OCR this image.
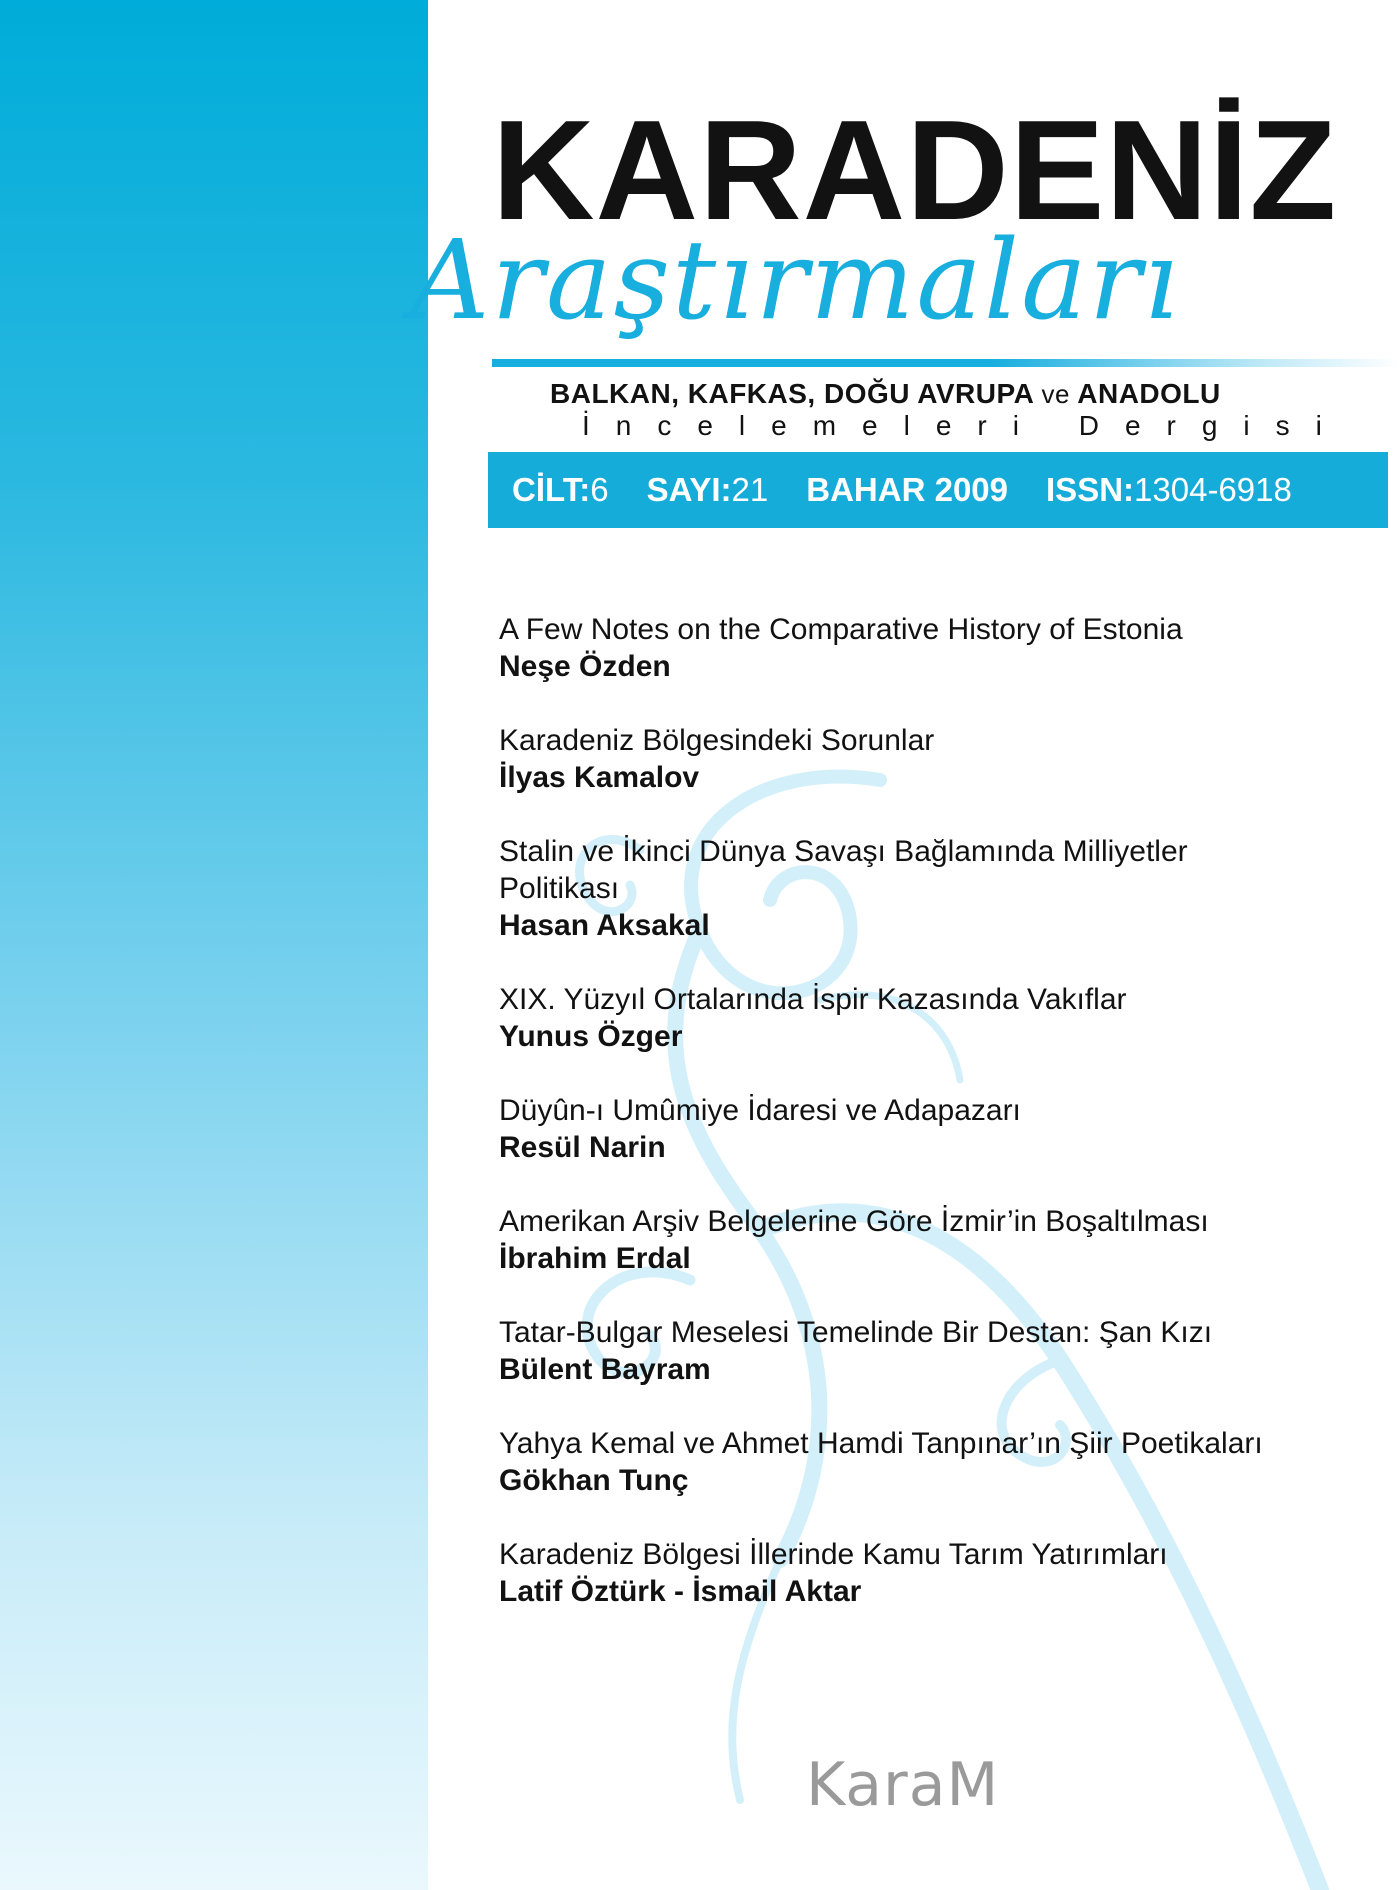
KARADENİZ
Araştırmaları
BALKAN, KAFKAS, DOĞU AVRUPA ve ANADOLU
İncelemeleri Dergisi
CİLT:6 SAYI:21 BAHAR 2009 ISSN:1304-6918
A Few Notes on the Comparative History of Estonia
Neşe Özden
Karadeniz Bölgesindeki Sorunlar
İlyas Kamalov
Stalin ve İkinci Dünya Savaşı Bağlamında Milliyetler Politikası
Hasan Aksakal
XIX. Yüzyıl Ortalarında İspir Kazasında Vakıflar
Yunus Özger
Düyûn-ı Umûmiye İdaresi ve Adapazarı
Resül Narin
Amerikan Arşiv Belgelerine Göre İzmir’in Boşaltılması
İbrahim Erdal
Tatar-Bulgar Meselesi Temelinde Bir Destan: Şan Kızı
Bülent Bayram
Yahya Kemal ve Ahmet Hamdi Tanpınar’ın Şiir Poetikaları
Gökhan Tunç
Karadeniz Bölgesi İllerinde Kamu Tarım Yatırımları
Latif Öztürk - İsmail Aktar
KaraM
